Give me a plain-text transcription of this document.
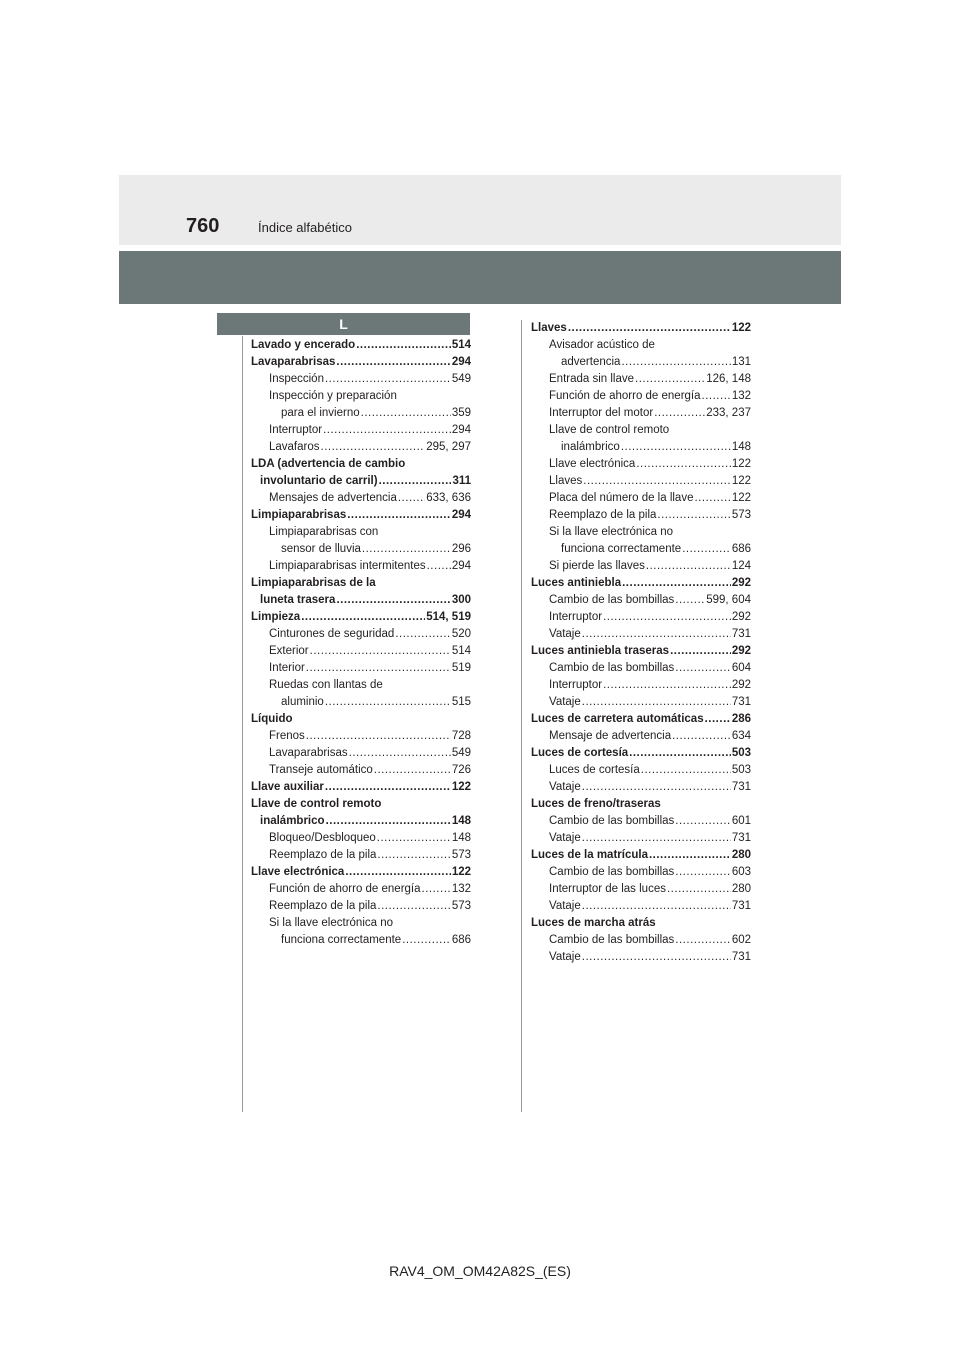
760	Índice alfabético
L
Lavado y encerado .....	514
Lavaparabrisas .....	294
Inspección .....	549
Inspección y preparación
para el invierno .....	359
Interruptor .....	294
Lavafaros .....	295, 297
LDA (advertencia de cambio
involuntario de carril) .....	311
Mensajes de advertencia .....	633, 636
Limpiaparabrisas .....	294
Limpiaparabrisas con
sensor de lluvia .....	296
Limpiaparabrisas intermitentes ..... 294
Limpiaparabrisas de la
luneta trasera .....	300
Limpieza .....	514, 519
Cinturones de seguridad .....	520
Exterior .....	514
Interior .....	519
Ruedas con llantas de
aluminio .....	515
Líquido
Frenos .....	728
Lavaparabrisas .....	549
Transeje automático .....	726
Llave auxiliar .....	122
Llave de control remoto
inalámbrico .....	148
Bloqueo/Desbloqueo .....	148
Reemplazo de la pila .....	573
Llave electrónica .....	122
Función de ahorro de energía .....	132
Reemplazo de la pila .....	573
Si la llave electrónica no
funciona correctamente .....	686
Llaves .....	122
Avisador acústico de
advertencia .....	131
Entrada sin llave .....	126, 148
Función de ahorro de energía .....	132
Interruptor del motor .....	233, 237
Llave de control remoto
inalámbrico .....	148
Llave electrónica .....	122
Llaves .....	122
Placa del número de la llave .....	122
Reemplazo de la pila .....	573
Si la llave electrónica no
funciona correctamente .....	686
Si pierde las llaves .....	124
Luces antiniebla .....	292
Cambio de las bombillas .....	599, 604
Interruptor .....	292
Vataje .....	731
Luces antiniebla traseras .....	292
Cambio de las bombillas .....	604
Interruptor .....	292
Vataje .....	731
Luces de carretera automáticas ..... 286
Mensaje de advertencia .....	634
Luces de cortesía .....	503
Luces de cortesía .....	503
Vataje .....	731
Luces de freno/traseras
Cambio de las bombillas .....	601
Vataje .....	731
Luces de la matrícula .....	280
Cambio de las bombillas .....	603
Interruptor de las luces .....	280
Vataje .....	731
Luces de marcha atrás
Cambio de las bombillas .....	602
Vataje .....	731
RAV4_OM_OM42A82S_(ES)
